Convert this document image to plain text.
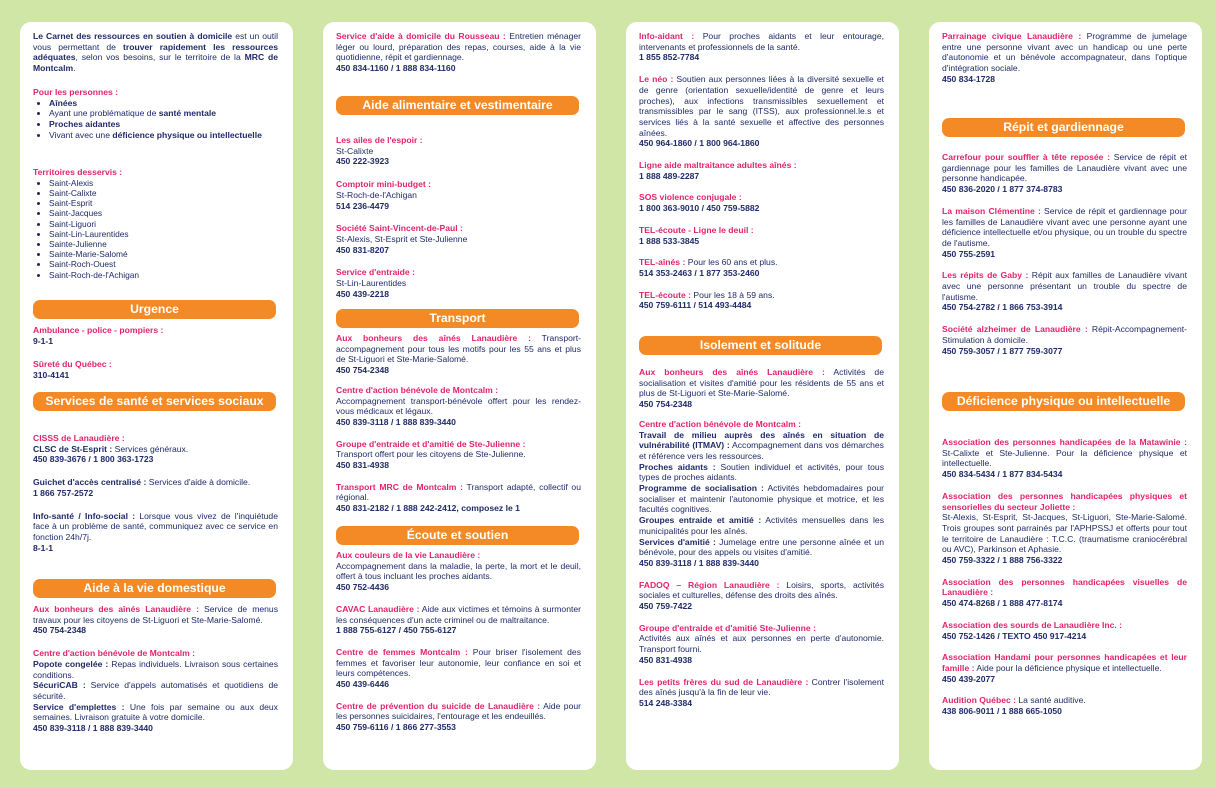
Le Carnet des ressources en soutien à domicile est un outil vous permettant de trouver rapidement les ressources adéquates, selon vos besoins, sur le territoire de la MRC de Montcalm.
Pour les personnes :
• Aînées
• Ayant une problématique de santé mentale
• Proches aidantes
• Vivant avec une déficience physique ou intellectuelle
Territoires desservis :
• Saint-Alexis
• Saint-Calixte
• Saint-Esprit
• Saint-Jacques
• Saint-Liguori
• Saint-Lin-Laurentides
• Sainte-Julienne
• Sainte-Marie-Salomé
• Saint-Roch-Ouest
• Saint-Roch-de-l'Achigan
Urgence
Ambulance - police - pompiers :
9-1-1
Sûreté du Québec :
310-4141
Services de santé et services sociaux
CISSS de Lanaudière :
CLSC de St-Esprit : Services généraux.
450 839-3676 / 1 800 363-1723
Guichet d'accès centralisé : Services d'aide à domicile.
1 866 757-2572
Info-santé / Info-social : Lorsque vous vivez de l'inquiétude face à un problème de santé, communiquez avec ce service en fonction 24h/7j.
8-1-1
Aide à la vie domestique
Aux bonheurs des aînés Lanaudière : Service de menus travaux pour les citoyens de St-Liguori et Ste-Marie-Salomé.
450 754-2348
Centre d'action bénévole de Montcalm :
Popote congelée : Repas individuels. Livraison sous certaines conditions.
SécuriCAB : Service d'appels automatisés et quotidiens de sécurité.
Service d'emplettes : Une fois par semaine ou aux deux semaines. Livraison gratuite à votre domicile.
450 839-3118 / 1 888 839-3440
Service d'aide à domicile du Rousseau : Entretien ménager léger ou lourd, préparation des repas, courses, aide à la vie quotidienne, répit et gardiennage.
450 834-1160 / 1 888 834-1160
Aide alimentaire et vestimentaire
Les ailes de l'espoir :
St-Calixte
450 222-3923
Comptoir mini-budget :
St-Roch-de-l'Achigan
514 236-4479
Société Saint-Vincent-de-Paul :
St-Alexis, St-Esprit et Ste-Julienne
450 831-8207
Service d'entraide :
St-Lin-Laurentides
450 439-2218
Transport
Aux bonheurs des aînés Lanaudière : Transport-accompagnement pour tous les motifs pour les 55 ans et plus de St-Liguori et Ste-Marie-Salomé.
450 754-2348
Centre d'action bénévole de Montcalm :
Accompagnement transport-bénévole offert pour les rendez-vous médicaux et légaux.
450 839-3118 / 1 888 839-3440
Groupe d'entraide et d'amitié de Ste-Julienne :
Transport offert pour les citoyens de Ste-Julienne.
450 831-4938
Transport MRC de Montcalm : Transport adapté, collectif ou régional.
450 831-2182 / 1 888 242-2412, composez le 1
Écoute et soutien
Aux couleurs de la vie Lanaudière :
Accompagnement dans la maladie, la perte, la mort et le deuil, offert à tous incluant les proches aidants.
450 752-4436
CAVAC Lanaudière : Aide aux victimes et témoins à surmonter les conséquences d'un acte criminel ou de maltraitance.
1 888 755-6127 / 450 755-6127
Centre de femmes Montcalm : Pour briser l'isolement des femmes et favoriser leur autonomie, leur confiance en soi et leurs compétences.
450 439-6446
Centre de prévention du suicide de Lanaudière : Aide pour les personnes suicidaires, l'entourage et les endeuillés.
450 759-6116 / 1 866 277-3553
Info-aidant : Pour proches aidants et leur entourage, intervenants et professionnels de la santé.
1 855 852-7784
Le néo : Soutien aux personnes liées à la diversité sexuelle et de genre (orientation sexuelle/identité de genre et leurs proches), aux infections transmissibles sexuellement et transmissibles par le sang (ITSS), aux professionnel.le.s et services liés à la santé sexuelle et affective des personnes aînées.
450 964-1860 / 1 800 964-1860
Ligne aide maltraitance adultes aînés :
1 888 489-2287
SOS violence conjugale :
1 800 363-9010 / 450 759-5882
TEL-écoute - Ligne le deuil :
1 888 533-3845
TEL-aînés : Pour les 60 ans et plus.
514 353-2463 / 1 877 353-2460
TEL-écoute : Pour les 18 à 59 ans.
450 759-6111 / 514 493-4484
Isolement et solitude
Aux bonheurs des aînés Lanaudière : Activités de socialisation et visites d'amitié pour les résidents de 55 ans et plus de St-Liguori et Ste-Marie-Salomé.
450 754-2348
Centre d'action bénévole de Montcalm :
Travail de milieu auprès des aînés en situation de vulnérabilité (ITMAV) : Accompagnement dans vos démarches et référence vers les ressources.
Proches aidants : Soutien individuel et activités, pour tous types de proches aidants.
Programme de socialisation : Activités hebdomadaires pour socialiser et maintenir l'autonomie physique et motrice, et les facultés cognitives.
Groupes entraide et amitié : Activités mensuelles dans les municipalités pour les aînés.
Services d'amitié : Jumelage entre une personne aînée et un bénévole, pour des appels ou visites d'amitié.
450 839-3118 / 1 888 839-3440
FADOQ – Région Lanaudière : Loisirs, sports, activités sociales et culturelles, défense des droits des aînés.
450 759-7422
Groupe d'entraide et d'amitié Ste-Julienne :
Activités aux aînés et aux personnes en perte d'autonomie. Transport fourni.
450 831-4938
Les petits frères du sud de Lanaudière : Contrer l'isolement des aînés jusqu'à la fin de leur vie.
514 248-3384
Parrainage civique Lanaudière : Programme de jumelage entre une personne vivant avec un handicap ou une perte d'autonomie et un bénévole accompagnateur, dans l'optique d'intégration sociale.
450 834-1728
Répit et gardiennage
Carrefour pour souffler à tête reposée : Service de répit et gardiennage pour les familles de Lanaudière vivant avec une personne handicapée.
450 836-2020 / 1 877 374-8783
La maison Clémentine : Service de répit et gardiennage pour les familles de Lanaudière vivant avec une personne ayant une déficience intellectuelle et/ou physique, ou un trouble du spectre de l'autisme.
450 755-2591
Les répits de Gaby : Répit aux familles de Lanaudière vivant avec une personne présentant un trouble du spectre de l'autisme.
450 754-2782 / 1 866 753-3914
Société alzheimer de Lanaudière : Répit-Accompagnement-Stimulation à domicile.
450 759-3057 / 1 877 759-3077
Déficience physique ou intellectuelle
Association des personnes handicapées de la Matawinie : St-Calixte et Ste-Julienne. Pour la déficience physique et intellectuelle.
450 834-5434 / 1 877 834-5434
Association des personnes handicapées physiques et sensorielles du secteur Joliette :
St-Alexis, St-Esprit, St-Jacques, St-Liguori, Ste-Marie-Salomé. Trois groupes sont parrainés par l'APHPSSJ et offerts pour tout le territoire de Lanaudière : T.C.C. (traumatisme craniocérébral ou AVC), Parkinson et Aphasie.
450 759-3322 / 1 888 756-3322
Association des personnes handicapées visuelles de Lanaudière :
450 474-8268 / 1 888 477-8174
Association des sourds de Lanaudière Inc. :
450 752-1426 / TEXTO 450 917-4214
Association Handami pour personnes handicapées et leur famille : Aide pour la déficience physique et intellectuelle.
450 439-2077
Audition Québec : La santé auditive.
438 806-9011 / 1 888 665-1050
